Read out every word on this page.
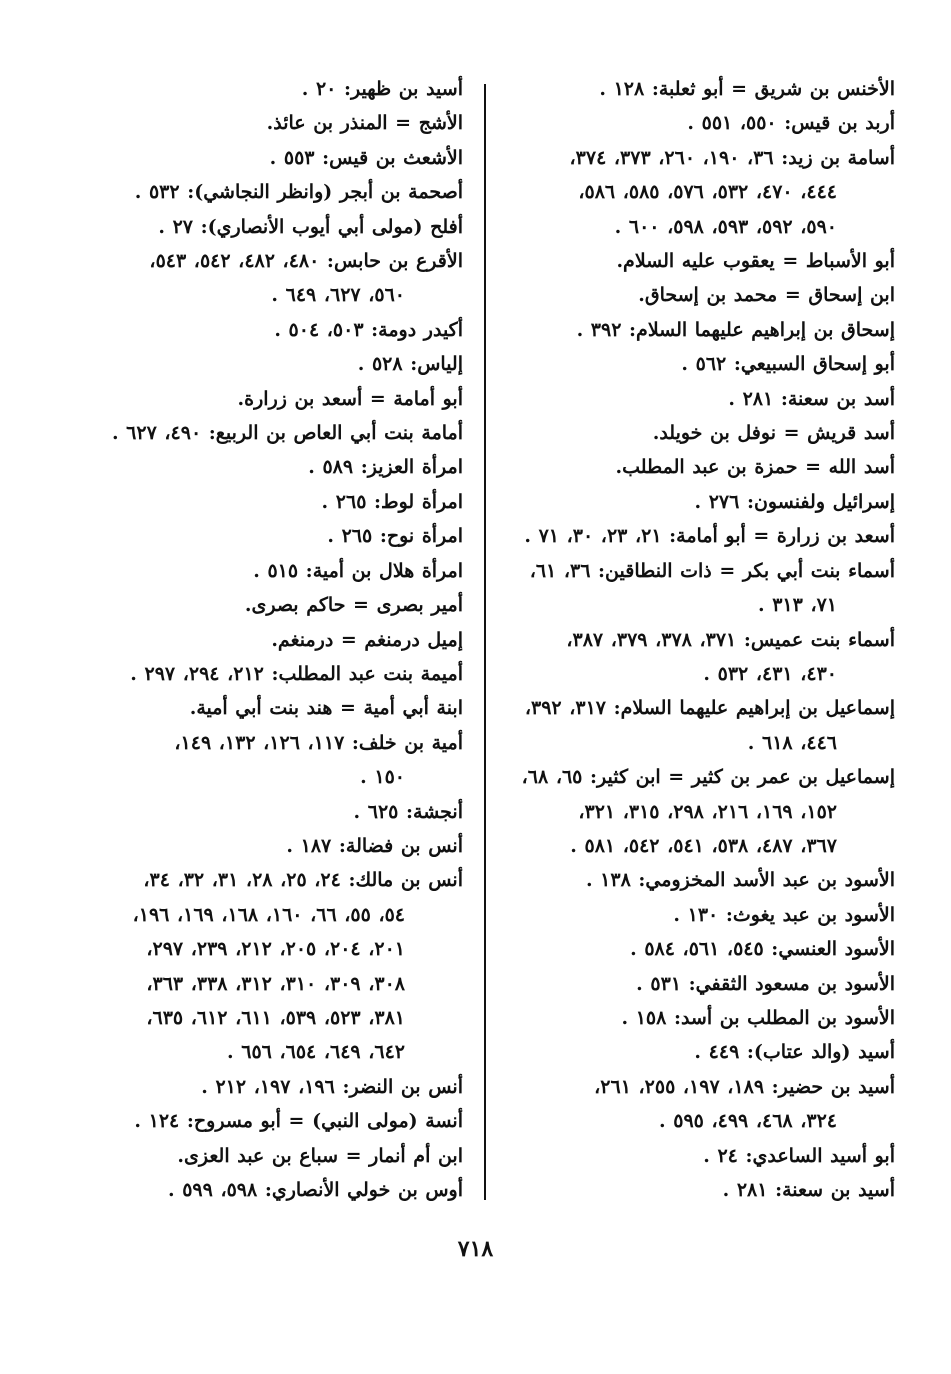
الأخنس بن شريق = أبو ثعلبة: ١٢٨ .

أربد بن قيس: ٥٥٠، ٥٥١ .

أسامة بن زيد: ٣٦، ١٩٠، ٢٦٠، ٣٧٣، ٣٧٤،

٤٤٤، ٤٧٠، ٥٣٢، ٥٧٦، ٥٨٥، ٥٨٦،

٥٩٠، ٥٩٢، ٥٩٣، ٥٩٨، ٦٠٠ .

أبو الأسباط = يعقوب عليه السلام.

ابن إسحاق = محمد بن إسحاق.

إسحاق بن إبراهيم عليهما السلام: ٣٩٢ .

أبو إسحاق السبيعي: ٥٦٢ .

أسد بن سعنة: ٢٨١ .

أسد قريش = نوفل بن خويلد.

أسد الله = حمزة بن عبد المطلب.

إسرائيل ولفنسون: ٢٧٦ .

أسعد بن زرارة = أبو أمامة: ٢١، ٢٣، ٣٠، ٧١ .

أسماء بنت أبي بكر = ذات النطاقين: ٣٦، ٦١،

٧١، ٣١٣ .

أسماء بنت عميس: ٣٧١، ٣٧٨، ٣٧٩، ٣٨٧،

٤٣٠، ٤٣١، ٥٣٢ .

إسماعيل بن إبراهيم عليهما السلام: ٣١٧، ٣٩٢،

٤٤٦، ٦١٨ .

إسماعيل بن عمر بن كثير = ابن كثير: ٦٥، ٦٨،

١٥٢، ١٦٩، ٢١٦، ٢٩٨، ٣١٥، ٣٢١،

٣٦٧، ٤٨٧، ٥٣٨، ٥٤١، ٥٤٢، ٥٨١ .

الأسود بن عبد الأسد المخزومي: ١٣٨ .

الأسود بن عبد يغوث: ١٣٠ .

الأسود العنسي: ٥٤٥، ٥٦١، ٥٨٤ .

الأسود بن مسعود الثقفي: ٥٣١ .

الأسود بن المطلب بن أسد: ١٥٨ .

أسيد (والد عتاب): ٤٤٩ .

أسيد بن حضير: ١٨٩، ١٩٧، ٢٥٥، ٢٦١،

٣٢٤، ٤٦٨، ٤٩٩، ٥٩٥ .

أبو أسيد الساعدي: ٢٤ .

أسيد بن سعنة: ٢٨١ .

أسيد بن ظهير: ٢٠ .

الأشج = المنذر بن عائذ.

الأشعث بن قيس: ٥٥٣ .

أصحمة بن أبجر (وانظر النجاشي): ٥٣٢ .

أفلح (مولى أبي أيوب الأنصاري): ٢٧ .

الأقرع بن حابس: ٤٨٠، ٤٨٢، ٥٤٢، ٥٤٣،

٥٦٠، ٦٢٧، ٦٤٩ .

أكيدر دومة: ٥٠٣، ٥٠٤ .

إلياس: ٥٢٨ .

أبو أمامة = أسعد بن زرارة.

أمامة بنت أبي العاص بن الربيع: ٤٩٠، ٦٢٧ .

امرأة العزيز: ٥٨٩ .

امرأة لوط: ٢٦٥ .

امرأة نوح: ٢٦٥ .

امرأة هلال بن أمية: ٥١٥ .

أمير بصرى = حاكم بصرى.

إميل درمنغم = درمنغم.

أميمة بنت عبد المطلب: ٢١٢، ٢٩٤، ٢٩٧ .

ابنة أبي أمية = هند بنت أبي أمية.

أمية بن خلف: ١١٧، ١٢٦، ١٣٢، ١٤٩،

١٥٠ .

أنجشة: ٦٢٥ .

أنس بن فضالة: ١٨٧ .

أنس بن مالك: ٢٤، ٢٥، ٢٨، ٣١، ٣٢، ٣٤،

٥٤، ٥٥، ٦٦، ١٦٠، ١٦٨، ١٦٩، ١٩٦،

٢٠١، ٢٠٤، ٢٠٥، ٢١٢، ٢٣٩، ٢٩٧،

٣٠٨، ٣٠٩، ٣١٠، ٣١٢، ٣٣٨، ٣٦٣،

٣٨١، ٥٢٣، ٥٣٩، ٦١١، ٦١٢، ٦٣٥،

٦٤٢، ٦٤٩، ٦٥٤، ٦٥٦ .

أنس بن النضر: ١٩٦، ١٩٧، ٢١٢ .

أنسة (مولى النبي) = أبو مسروح: ١٢٤ .

ابن أم أنمار = سباع بن عبد العزى.

أوس بن خولي الأنصاري: ٥٩٨، ٥٩٩ .

٧١٨
